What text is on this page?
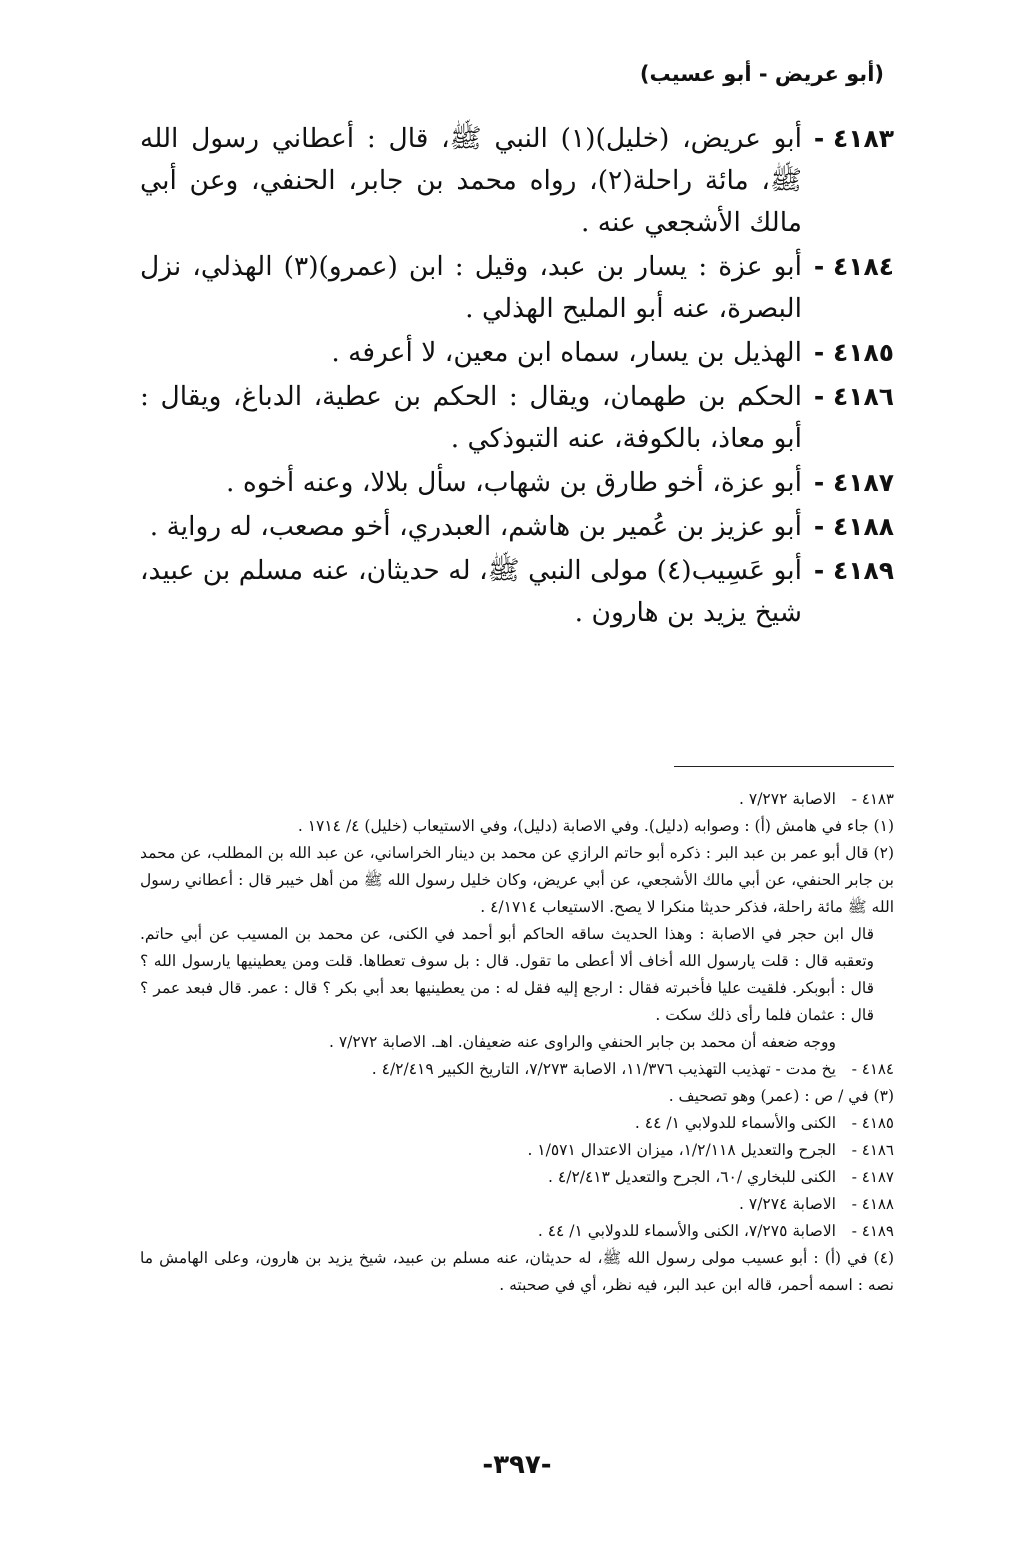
(أبو عريض - أبو عسيب)
٤١٨٣ -
أبو عريض، (خليل)(١) النبي ﷺ، قال : أعطاني رسول الله ﷺ، مائة راحلة(٢)، رواه محمد بن جابر، الحنفي، وعن أبي مالك الأشجعي عنه .
٤١٨٤ -
أبو عزة : يسار بن عبد، وقيل : ابن (عمرو)(٣) الهذلي، نزل البصرة، عنه أبو المليح الهذلي .
٤١٨٥ -
الهذيل بن يسار، سماه ابن معين، لا أعرفه .
٤١٨٦ -
الحكم بن طهمان، ويقال : الحكم بن عطية، الدباغ، ويقال : أبو معاذ، بالكوفة، عنه التبوذكي .
٤١٨٧ -
أبو عزة، أخو طارق بن شهاب، سأل بلالا، وعنه أخوه .
٤١٨٨ -
أبو عزيز بن عُمير بن هاشم، العبدري، أخو مصعب، له رواية .
٤١٨٩ -
أبو عَسِيب(٤) مولى النبي ﷺ، له حديثان، عنه مسلم بن عبيد، شيخ يزيد بن هارون .
٤١٨٣ -
الاصابة ٧/٢٧٢ .
(١) جاء في هامش (أ) : وصوابه (دليل). وفي الاصابة (دليل)، وفي الاستيعاب (خليل) ٤/ ١٧١٤ .
(٢) قال أبو عمر بن عبد البر : ذكره أبو حاتم الرازي عن محمد بن دينار الخراساني، عن عبد الله بن المطلب، عن محمد بن جابر الحنفي، عن أبي مالك الأشجعي، عن أبي عريض، وكان خليل رسول الله ﷺ من أهل خيبر قال : أعطاني رسول الله ﷺ مائة راحلة، فذكر حديثا منكرا لا يصح. الاستيعاب ٤/١٧١٤ .
قال ابن حجر في الاصابة : وهذا الحديث ساقه الحاكم أبو أحمد في الكنى، عن محمد بن المسيب عن أبي حاتم. وتعقبه قال : قلت يارسول الله أخاف ألا أعطى ما تقول. قال : بل سوف تعطاها. قلت ومن يعطينيها يارسول الله ؟ قال : أبوبكر. فلقيت عليا فأخبرته فقال : ارجع إليه فقل له : من يعطينيها بعد أبي بكر ؟ قال : عمر. قال فبعد عمر ؟ قال : عثمان فلما رأى ذلك سكت .
ووجه ضعفه أن محمد بن جابر الحنفي والراوى عنه ضعيفان. اهـ. الاصابة ٧/٢٧٢ .
٤١٨٤ -
يخ مدت - تهذيب التهذيب ١١/٣٧٦، الاصابة ٧/٢٧٣، التاريخ الكبير ٤/٢/٤١٩ .
(٣) في / ص : (عمر) وهو تصحيف .
٤١٨٥ -
الكنى والأسماء للدولابي ١/ ٤٤ .
٤١٨٦ -
الجرح والتعديل ١/٢/١١٨، ميزان الاعتدال ١/٥٧١ .
٤١٨٧ -
الكنى للبخاري /٦٠، الجرح والتعديل ٤/٢/٤١٣ .
٤١٨٨ -
الاصابة ٧/٢٧٤ .
٤١٨٩ -
الاصابة ٧/٢٧٥، الكنى والأسماء للدولابي ١/ ٤٤ .
(٤) في (أ) : أبو عسيب مولى رسول الله ﷺ، له حديثان، عنه مسلم بن عبيد، شيخ يزيد بن هارون، وعلى الهامش ما نصه : اسمه أحمر، قاله ابن عبد البر، فيه نظر، أي في صحبته .
-٣٩٧-
